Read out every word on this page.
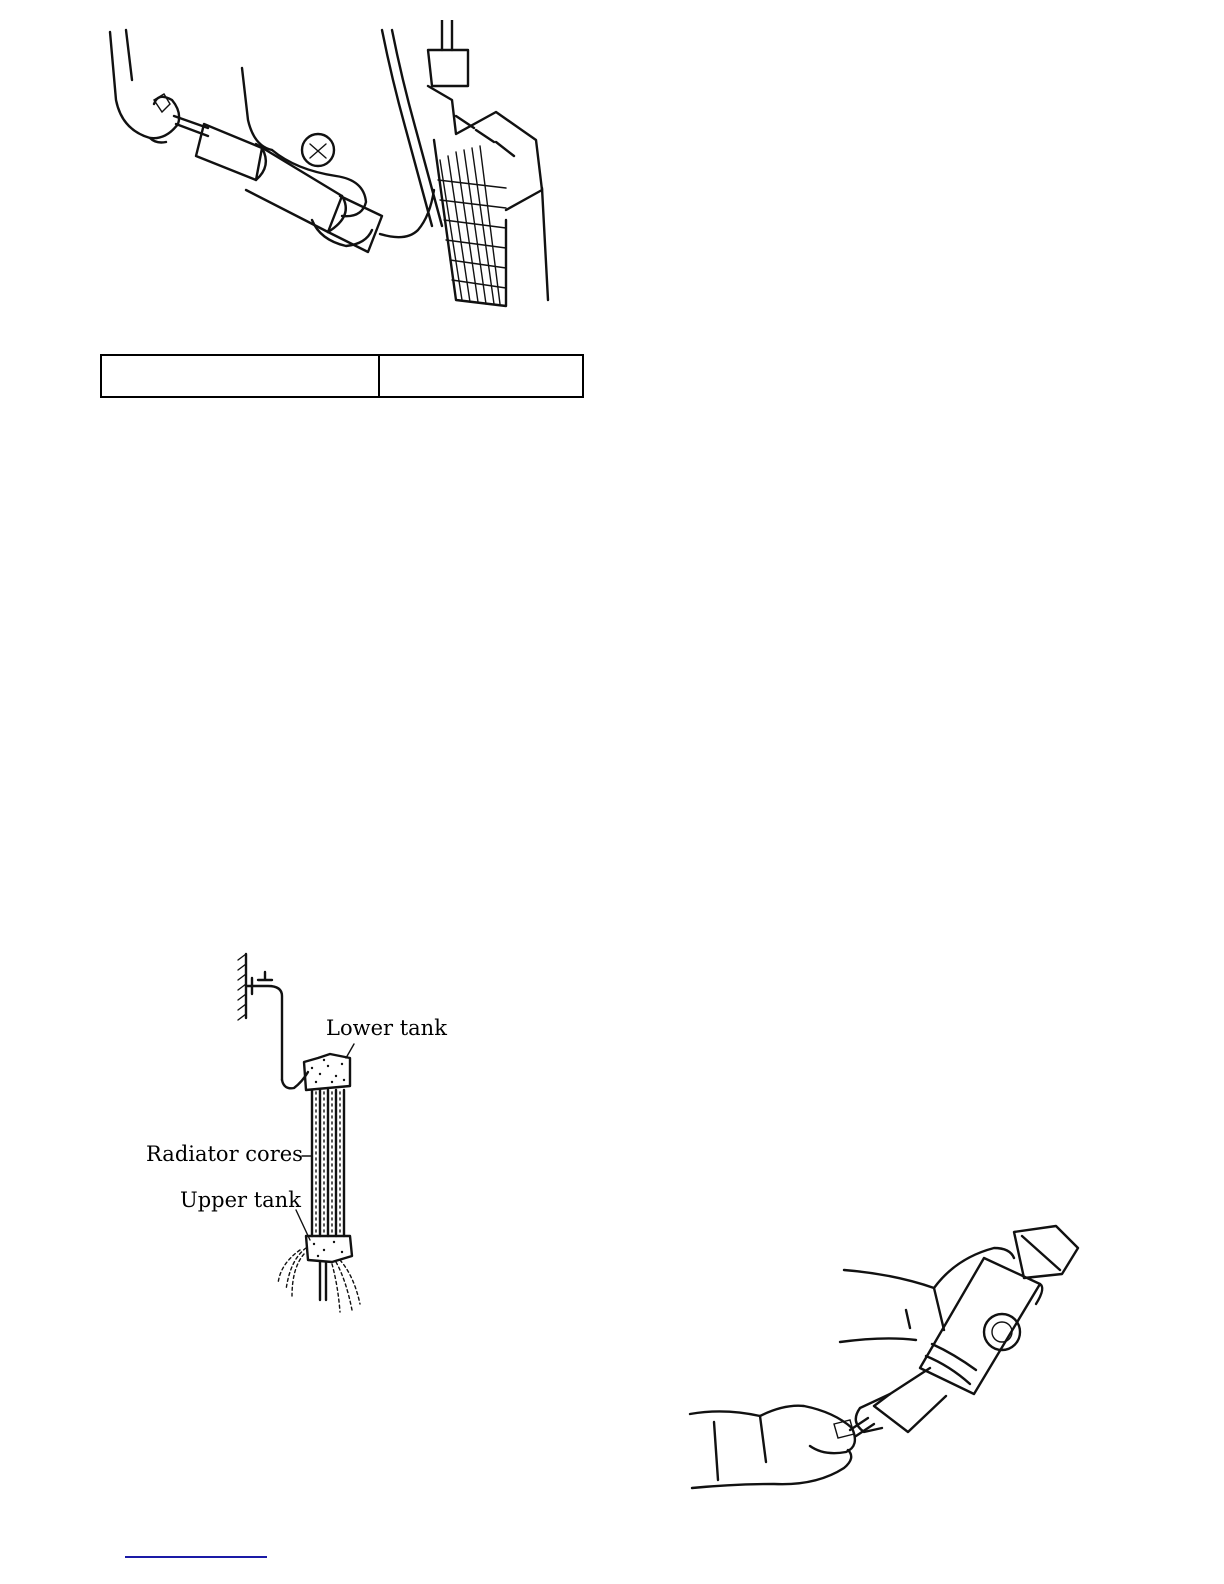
Lower tank
Radiator cores
Upper tank
